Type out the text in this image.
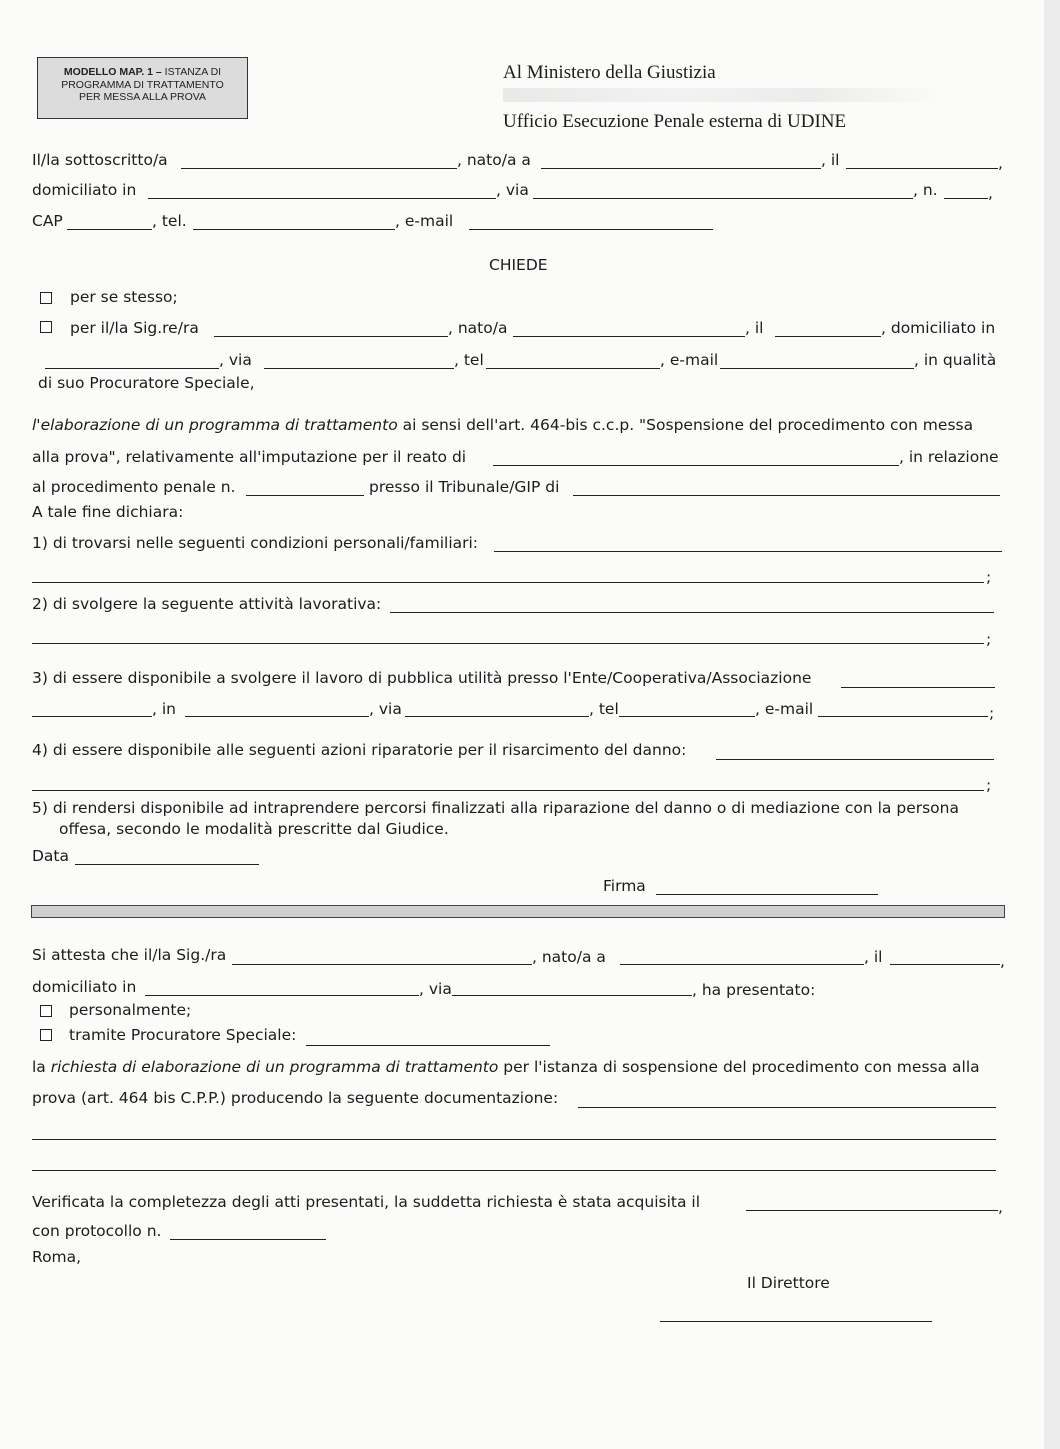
MODELLO MAP. 1 – ISTANZA DI
PROGRAMMA DI TRATTAMENTO
PER MESSA ALLA PROVA
Al Ministero della Giustizia
Ufficio Esecuzione Penale esterna di UDINE
Il/la sottoscritto/a	, nato/a a	, il	,
domiciliato in	, via	, n.	,
CAP	, tel.	, e-mail
CHIEDE
per se stesso;
per il/la Sig.re/ra	, nato/a	, il	, domiciliato in
, via	, tel	, e-mail	, in qualità
di suo Procuratore Speciale,
l'elaborazione di un programma di trattamento ai sensi dell'art. 464-bis c.c.p. "Sospensione del procedimento con messa
alla prova", relativamente all'imputazione per il reato di	, in relazione
al procedimento penale n.	presso il Tribunale/GIP di
A tale fine dichiara:
1) di trovarsi nelle seguenti condizioni personali/familiari:
;
2) di svolgere la seguente attività lavorativa:
;
3) di essere disponibile a svolgere il lavoro di pubblica utilità presso l'Ente/Cooperativa/Associazione
, in	, via	, tel	, e-mail	;
4) di essere disponibile alle seguenti azioni riparatorie per il risarcimento del danno:
;
5) di rendersi disponibile ad intraprendere percorsi finalizzati alla riparazione del danno o di mediazione con la persona
offesa, secondo le modalità prescritte dal Giudice.
Data
Firma
Si attesta che il/la Sig./ra	, nato/a a	, il	,
domiciliato in	, via	, ha presentato:
personalmente;
tramite Procuratore Speciale:
la richiesta di elaborazione di un programma di trattamento per l'istanza di sospensione del procedimento con messa alla
prova (art. 464 bis C.P.P.) producendo la seguente documentazione:
Verificata la completezza degli atti presentati, la suddetta richiesta è stata acquisita il	,
con protocollo n.
Roma,
Il Direttore
